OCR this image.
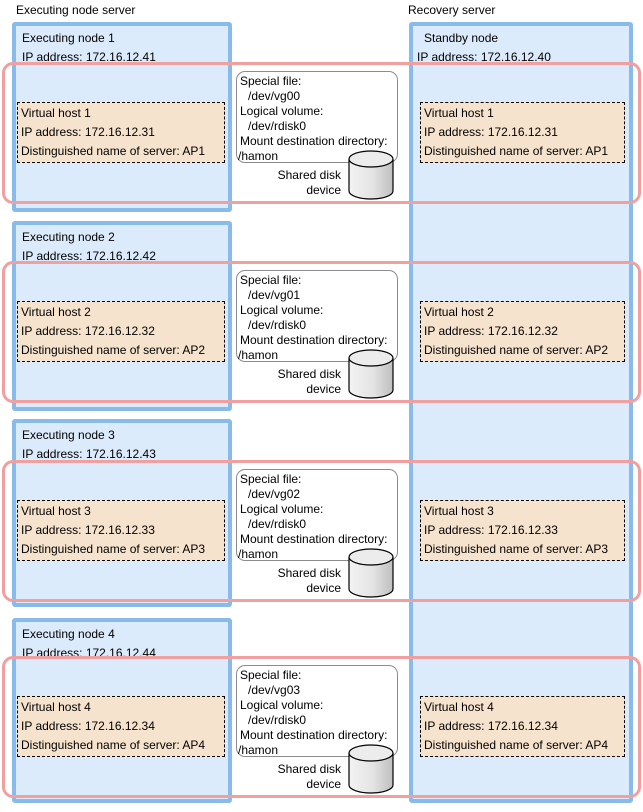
Executing node server	Recovery server
Standby node
IP address: 172.16.12.40
Executing node 1
IP address: 172.16.12.41
Executing node 2
IP address: 172.16.12.42
Executing node 3
IP address: 172.16.12.43
Executing node 4
IP address: 172.16.12.44
Virtual host 1
IP address: 172.16.12.31
Distinguished name of server: AP1
Special file:
/dev/vg00
Logical volume:
/dev/rdisk0
Mount destination directory:
/hamon
Shared disk
device
Virtual host 1
IP address: 172.16.12.31
Distinguished name of server: AP1
Virtual host 2
IP address: 172.16.12.32
Distinguished name of server: AP2
Special file:
/dev/vg01
Logical volume:
/dev/rdisk0
Mount destination directory:
/hamon
Shared disk
device
Virtual host 2
IP address: 172.16.12.32
Distinguished name of server: AP2
Virtual host 3
IP address: 172.16.12.33
Distinguished name of server: AP3
Special file:
/dev/vg02
Logical volume:
/dev/rdisk0
Mount destination directory:
/hamon
Shared disk
device
Virtual host 3
IP address: 172.16.12.33
Distinguished name of server: AP3
Virtual host 4
IP address: 172.16.12.34
Distinguished name of server: AP4
Special file:
/dev/vg03
Logical volume:
/dev/rdisk0
Mount destination directory:
/hamon
Shared disk
device
Virtual host 4
IP address: 172.16.12.34
Distinguished name of server: AP4
